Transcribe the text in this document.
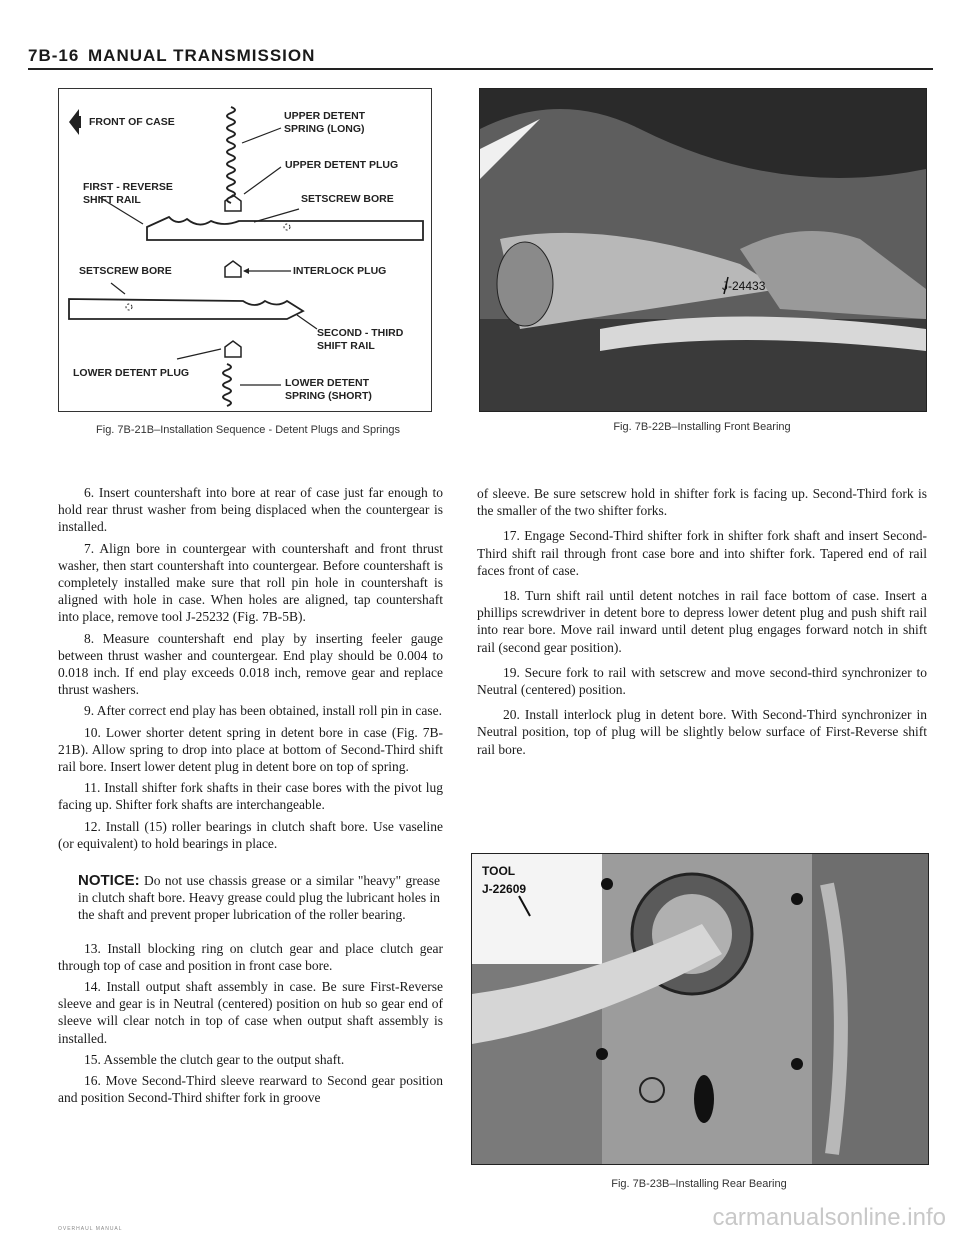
7B-16 MANUAL TRANSMISSION
FRONT OF CASE	UPPER DETENT
SPRING (LONG)
UPPER DETENT PLUG
FIRST - REVERSE
SHIFT RAIL	SETSCREW BORE
SETSCREW BORE	INTERLOCK PLUG
SECOND - THIRD
SHIFT RAIL
LOWER DETENT PLUG
LOWER DETENT
SPRING (SHORT)
Fig. 7B-21B–Installation Sequence - Detent Plugs and Springs
J-24433
Fig. 7B-22B–Installing Front Bearing
TOOL
J-22609
Fig. 7B-23B–Installing Rear Bearing

6. Insert countershaft into bore at rear of case just far enough to hold rear thrust washer from being displaced when the countergear is installed.

7. Align bore in countergear with countershaft and front thrust washer, then start countershaft into countergear. Before countershaft is completely installed make sure that roll pin hole in countershaft is aligned with hole in case. When holes are aligned, tap countershaft into place, remove tool J-25232 (Fig. 7B-5B).

8. Measure countershaft end play by inserting feeler gauge between thrust washer and countergear. End play should be 0.004 to 0.018 inch. If end play exceeds 0.018 inch, remove gear and replace thrust washers.

9. After correct end play has been obtained, install roll pin in case.

10. Lower shorter detent spring in detent bore in case (Fig. 7B-21B). Allow spring to drop into place at bottom of Second-Third shift rail bore. Insert lower detent plug in detent bore on top of spring.

11. Install shifter fork shafts in their case bores with the pivot lug facing up. Shifter fork shafts are interchangeable.

12. Install (15) roller bearings in clutch shaft bore. Use vaseline (or equivalent) to hold bearings in place.

NOTICE: Do not use chassis grease or a similar "heavy" grease in clutch shaft bore. Heavy grease could plug the lubricant holes in the shaft and prevent proper lubrication of the roller bearing.

13. Install blocking ring on clutch gear and place clutch gear through top of case and position in front case bore.

14. Install output shaft assembly in case. Be sure First-Reverse sleeve and gear is in Neutral (centered) position on hub so gear end of sleeve will clear notch in top of case when output shaft assembly is installed.

15. Assemble the clutch gear to the output shaft.

16. Move Second-Third sleeve rearward to Second gear position and position Second-Third shifter fork in groove

of sleeve. Be sure setscrew hold in shifter fork is facing up. Second-Third fork is the smaller of the two shifter forks.

17. Engage Second-Third shifter fork in shifter fork shaft and insert Second-Third shift rail through front case bore and into shifter fork. Tapered end of rail faces front of case.

18. Turn shift rail until detent notches in rail face bottom of case. Insert a phillips screwdriver in detent bore to depress lower detent plug and push shift rail into rear bore. Move rail inward until detent plug engages forward notch in shift rail (second gear position).

19. Secure fork to rail with setscrew and move second-third synchronizer to Neutral (centered) position.

20. Install interlock plug in detent bore. With Second-Third synchronizer in Neutral position, top of plug will be slightly below surface of First-Reverse shift rail bore.

OVERHAUL MANUAL	carmanualsonline.info
